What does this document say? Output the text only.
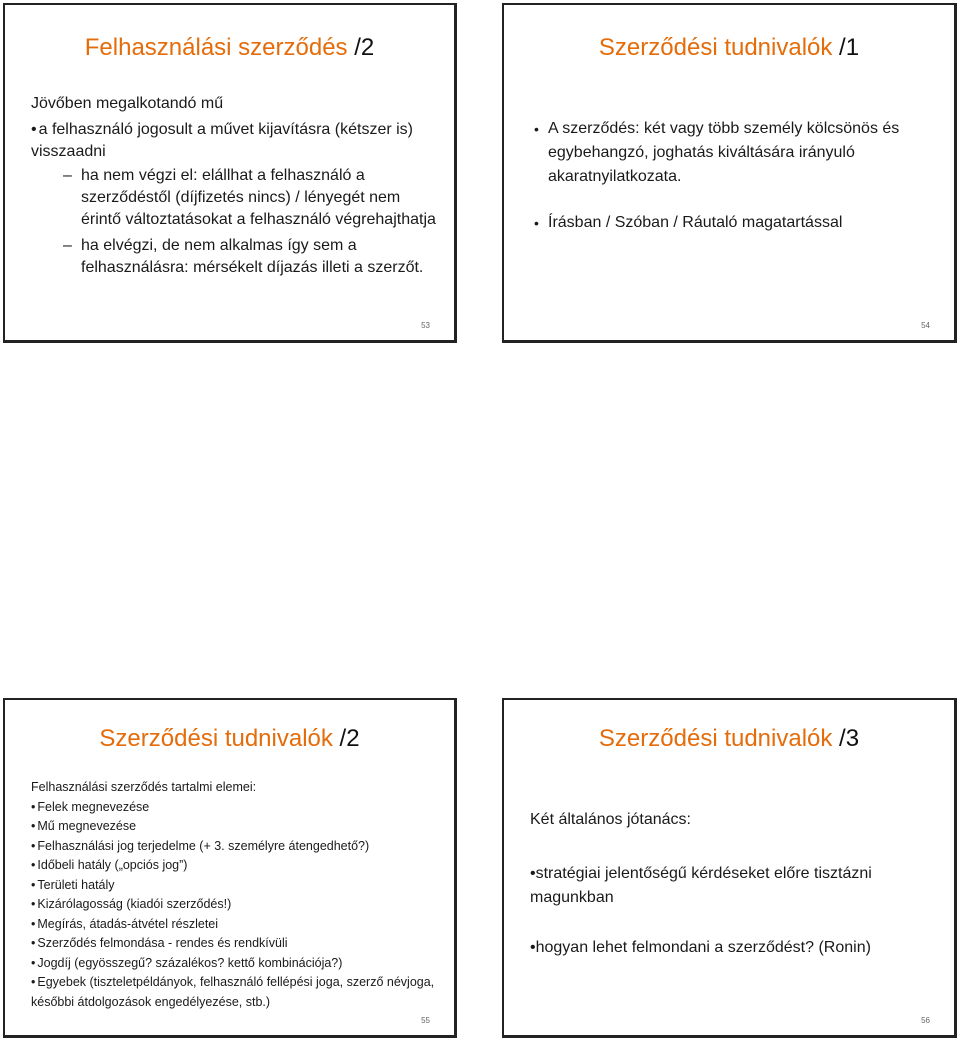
Felhasználási szerződés /2
Jövőben megalkotandó mű
• a felhasználó jogosult a művet kijavításra (kétszer is) visszaadni
– ha nem végzi el: elállhat a felhasználó a szerződéstől (díjfizetés nincs) / lényegét nem érintő változtatásokat a felhasználó végrehajthatja
– ha elvégzi, de nem alkalmas így sem a felhasználásra: mérsékelt díjazás illeti a szerzőt.
53
Szerződési tudnivalók /1
• A szerződés: két vagy több személy kölcsönös és egybehangzó, joghatás kiváltására irányuló akaratnyilatkozata.
• Írásban / Szóban / Ráutaló magatartással
54
Szerződési tudnivalók /2
Felhasználási szerződés tartalmi elemei:
• Felek megnevezése
• Mű megnevezése
• Felhasználási jog terjedelme (+ 3. személyre átengedhető?)
• Időbeli hatály („opciós jog”)
• Területi hatály
• Kizárólagosság (kiadói szerződés!)
• Megírás, átadás-átvétel részletei
• Szerződés felmondása - rendes és rendkívüli
• Jogdíj (egyösszegű? százalékos? kettő kombinációja?)
• Egyebek (tiszteletpéldányok, felhasználó fellépési joga, szerző névjoga, későbbi átdolgozások engedélyezése, stb.)
55
Szerződési tudnivalók /3
Két általános jótanács:
•stratégiai jelentőségű kérdéseket előre tisztázni magunkban
•hogyan lehet felmondani a szerződést? (Ronin)
56
